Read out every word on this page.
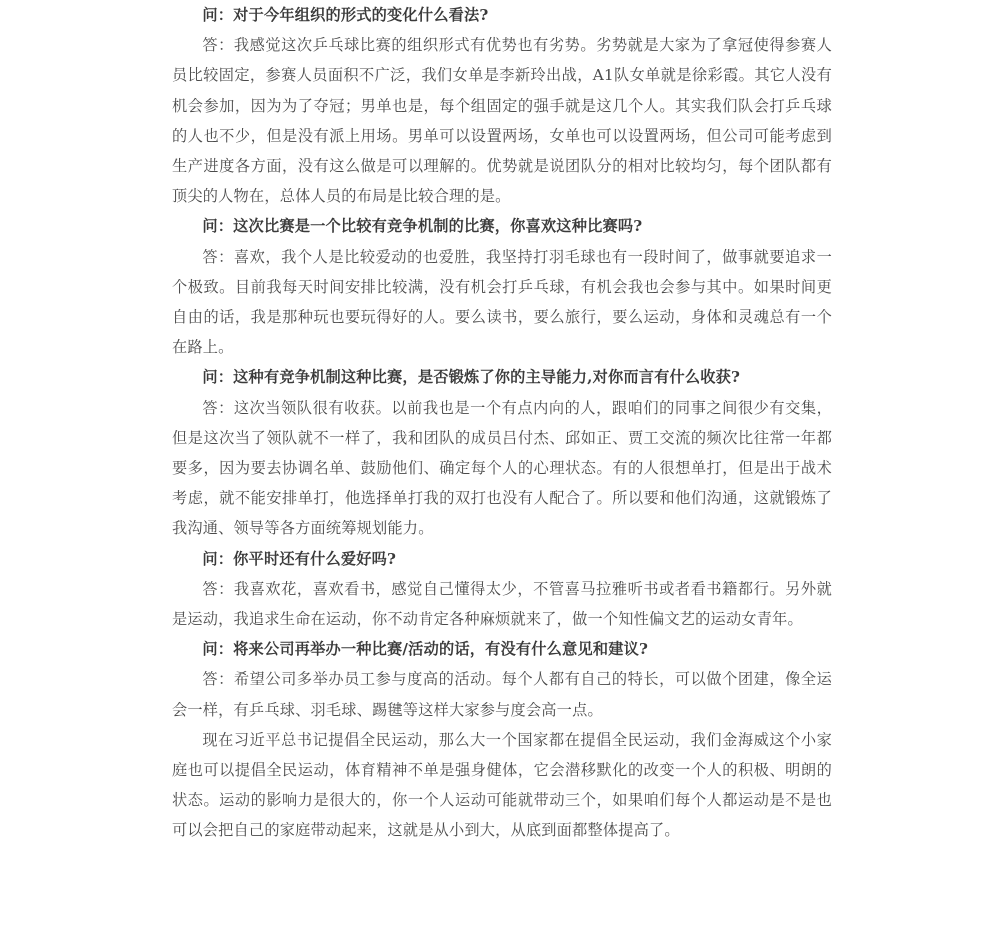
问：对于今年组织的形式的变化什么看法?

答：我感觉这次乒乓球比赛的组织形式有优势也有劣势。劣势就是大家为了拿冠使得参赛人员比较固定，参赛人员面积不广泛，我们女单是李新玲出战，A1队女单就是徐彩霞。其它人没有机会参加，因为为了夺冠；男单也是，每个组固定的强手就是这几个人。其实我们队会打乒乓球的人也不少，但是没有派上用场。男单可以设置两场，女单也可以设置两场，但公司可能考虑到生产进度各方面，没有这么做是可以理解的。优势就是说团队分的相对比较均匀，每个团队都有顶尖的人物在，总体人员的布局是比较合理的是。

问：这次比赛是一个比较有竞争机制的比赛，你喜欢这种比赛吗?

答：喜欢，我个人是比较爱动的也爱胜，我坚持打羽毛球也有一段时间了，做事就要追求一个极致。目前我每天时间安排比较满，没有机会打乒乓球，有机会我也会参与其中。如果时间更自由的话，我是那种玩也要玩得好的人。要么读书，要么旅行，要么运动，身体和灵魂总有一个在路上。

问：这种有竞争机制这种比赛，是否锻炼了你的主导能力,对你而言有什么收获?

答：这次当领队很有收获。以前我也是一个有点内向的人，跟咱们的同事之间很少有交集，但是这次当了领队就不一样了，我和团队的成员吕付杰、邱如正、贾工交流的频次比往常一年都要多，因为要去协调名单、鼓励他们、确定每个人的心理状态。有的人很想单打，但是出于战术考虑，就不能安排单打，他选择单打我的双打也没有人配合了。所以要和他们沟通，这就锻炼了我沟通、领导等各方面统筹规划能力。

问：你平时还有什么爱好吗?

答：我喜欢花，喜欢看书，感觉自己懂得太少，不管喜马拉雅听书或者看书籍都行。另外就是运动，我追求生命在运动，你不动肯定各种麻烦就来了，做一个知性偏文艺的运动女青年。

问：将来公司再举办一种比赛/活动的话，有没有什么意见和建议?

答：希望公司多举办员工参与度高的活动。每个人都有自己的特长，可以做个团建，像全运会一样，有乒乓球、羽毛球、踢毽等这样大家参与度会高一点。

现在习近平总书记提倡全民运动，那么大一个国家都在提倡全民运动，我们金海威这个小家庭也可以提倡全民运动，体育精神不单是强身健体，它会潜移默化的改变一个人的积极、明朗的状态。运动的影响力是很大的，你一个人运动可能就带动三个，如果咱们每个人都运动是不是也可以会把自己的家庭带动起来，这就是从小到大，从底到面都整体提高了。
